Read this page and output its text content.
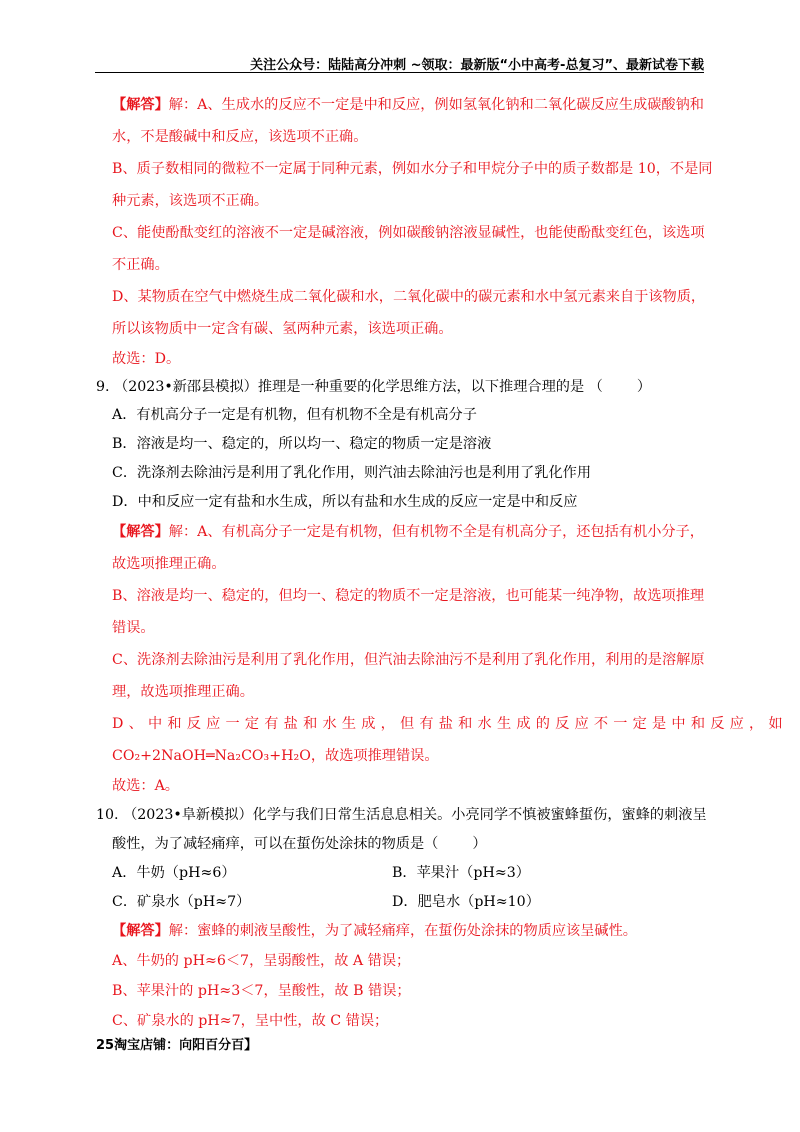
关注公众号：陆陆高分冲刺 ~领取：最新版“小中高考-总复习”、最新试卷下载
【解答】解：A、生成水的反应不一定是中和反应，例如氢氧化钠和二氧化碳反应生成碳酸钠和
水，不是酸碱中和反应，该选项不正确。
B、质子数相同的微粒不一定属于同种元素，例如水分子和甲烷分子中的质子数都是 10，不是同
种元素，该选项不正确。
C、能使酚酞变红的溶液不一定是碱溶液，例如碳酸钠溶液显碱性，也能使酚酞变红色，该选项
不正确。
D、某物质在空气中燃烧生成二氧化碳和水，二氧化碳中的碳元素和水中氢元素来自于该物质，
所以该物质中一定含有碳、氢两种元素，该选项正确。
故选：D。
9. （2023•新邵县模拟）推理是一种重要的化学思维方法，以下推理合理的是 （ ）
A．有机高分子一定是有机物，但有机物不全是有机高分子
B．溶液是均一、稳定的，所以均一、稳定的物质一定是溶液
C．洗涤剂去除油污是利用了乳化作用，则汽油去除油污也是利用了乳化作用
D．中和反应一定有盐和水生成，所以有盐和水生成的反应一定是中和反应
【解答】解：A、有机高分子一定是有机物，但有机物不全是有机高分子，还包括有机小分子，
故选项推理正确。
B、溶液是均一、稳定的，但均一、稳定的物质不一定是溶液，也可能某一纯净物，故选项推理
错误。
C、洗涤剂去除油污是利用了乳化作用，但汽油去除油污不是利用了乳化作用，利用的是溶解原
理，故选项推理正确。
D、中和反应一定有盐和水生成，但有盐和水生成的反应不一定是中和反应，如
CO₂+2NaOH═Na₂CO₃+H₂O，故选项推理错误。
故选：A。
10. （2023•阜新模拟）化学与我们日常生活息息相关。小亮同学不慎被蜜蜂蜇伤，蜜蜂的刺液呈
酸性，为了减轻痛痒，可以在蜇伤处涂抹的物质是（ ）
A．牛奶（pH≈6）	B．苹果汁（pH≈3）
C．矿泉水（pH≈7）	D．肥皂水（pH≈10）
【解答】解：蜜蜂的刺液呈酸性，为了减轻痛痒，在蜇伤处涂抹的物质应该呈碱性。
A、牛奶的 pH≈6＜7，呈弱酸性，故 A 错误；
B、苹果汁的 pH≈3＜7，呈酸性，故 B 错误；
C、矿泉水的 pH≈7，呈中性，故 C 错误；
25淘宝店铺：向阳百分百】
